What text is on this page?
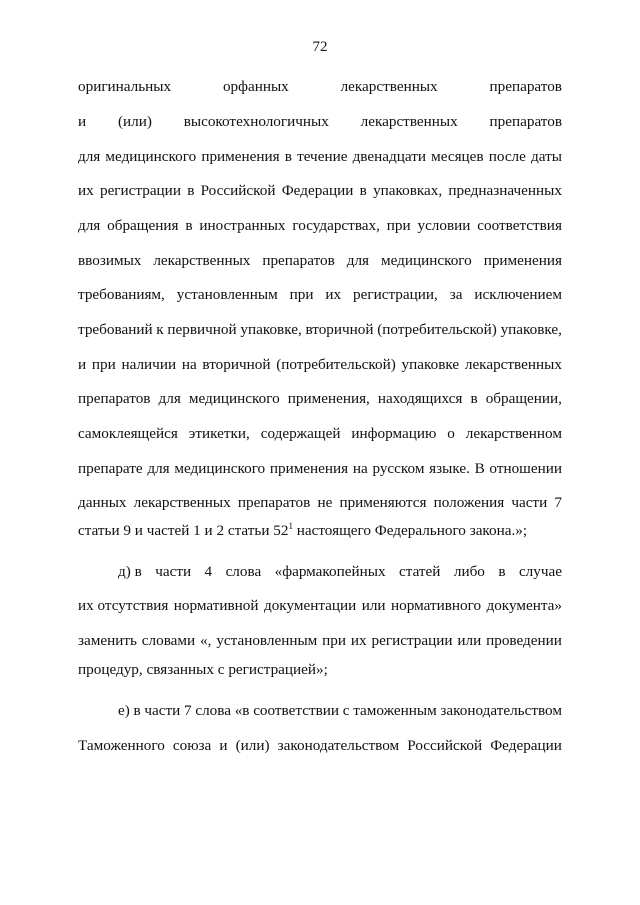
72
оригинальных	орфанных	лекарственных	препаратов
и (или) высокотехнологичных лекарственных препаратов
для медицинского применения в течение двенадцати месяцев после даты
их регистрации в Российской Федерации в упаковках, предназначенных
для обращения в иностранных государствах, при условии соответствия
ввозимых лекарственных препаратов для медицинского применения
требованиям, установленным при их регистрации, за исключением
требований к первичной упаковке, вторичной (потребительской) упаковке,
и при наличии на вторичной (потребительской) упаковке лекарственных
препаратов для медицинского применения, находящихся в обращении,
самоклеящейся этикетки, содержащей информацию о лекарственном
препарате для медицинского применения на русском языке. В отношении
данных лекарственных препаратов не применяются положения части 7
статьи 9 и частей 1 и 2 статьи $52^1$ настоящего Федерального закона.»;
д) в части 4 слова «фармакопейных статей либо в случае
их отсутствия нормативной документации или нормативного документа»
заменить словами «, установленным при их регистрации или проведении
процедур, связанных с регистрацией»;
е) в части 7 слова «в соответствии с таможенным законодательством
Таможенного союза и (или) законодательством Российской Федерации
